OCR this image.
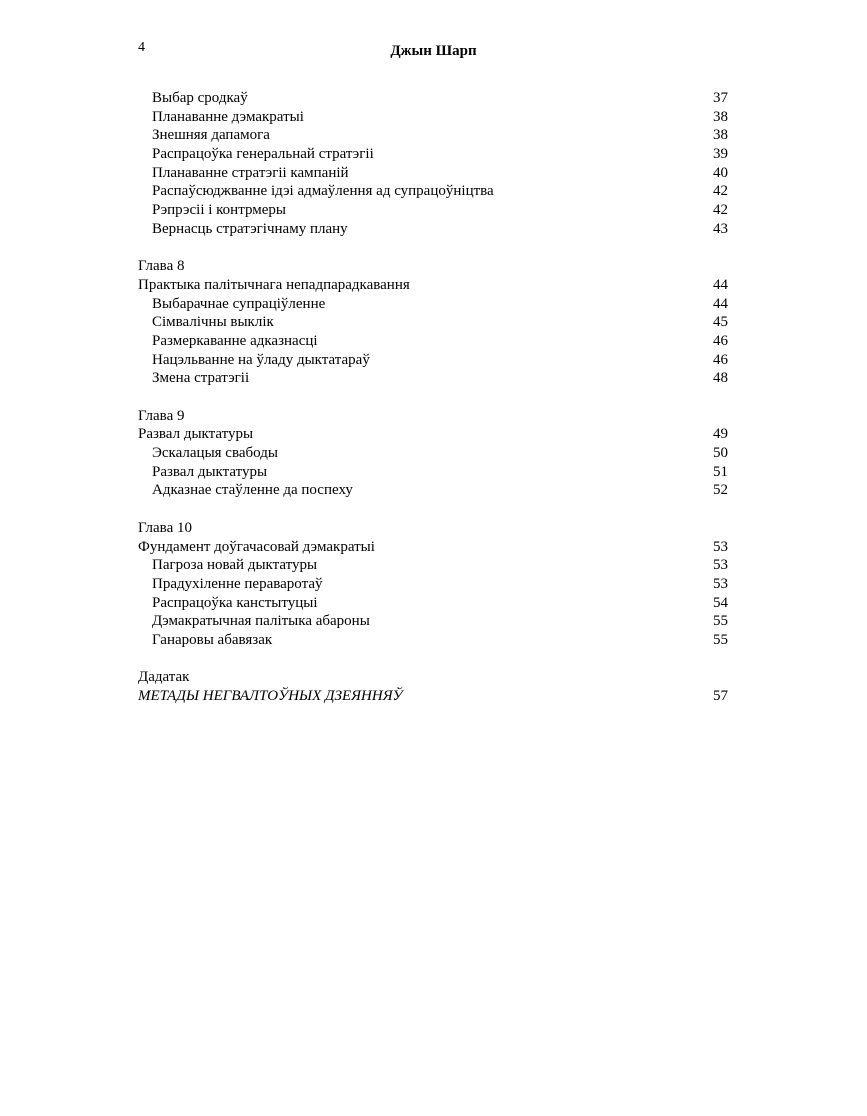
4	Джын Шарп
Выбар сродкаў	37
Планаванне дэмакратыі	38
Знешняя дапамога	38
Распрацоўка генеральнай стратэгіі	39
Планаванне стратэгіі кампаній	40
Распаўсюджванне ідэі адмаўлення ад супрацоўніцтва	42
Рэпрэсіі і контрмеры	42
Вернасць стратэгічнаму плану	43
Глава 8
Практыка палітычнага непадпарадкавання	44
Выбарачнае супраціўленне	44
Сімвалічны выклік	45
Размеркаванне адказнасці	46
Нацэльванне на ўладу дыктатараў	46
Змена стратэгіі	48
Глава 9
Развал дыктатуры	49
Эскалацыя свабоды	50
Развал дыктатуры	51
Адказнае стаўленне да поспеху	52
Глава 10
Фундамент доўгачасовай дэмакратыі	53
Пагроза новай дыктатуры	53
Прадухіленне пераваротаў	53
Распрацоўка канстытуцыі	54
Дэмакратычная палітыка абароны	55
Ганаровы абавязак	55
Дадатак
МЕТАДЫ НЕГВАЛТОЎНЫХ ДЗЕЯННЯЎ	57
